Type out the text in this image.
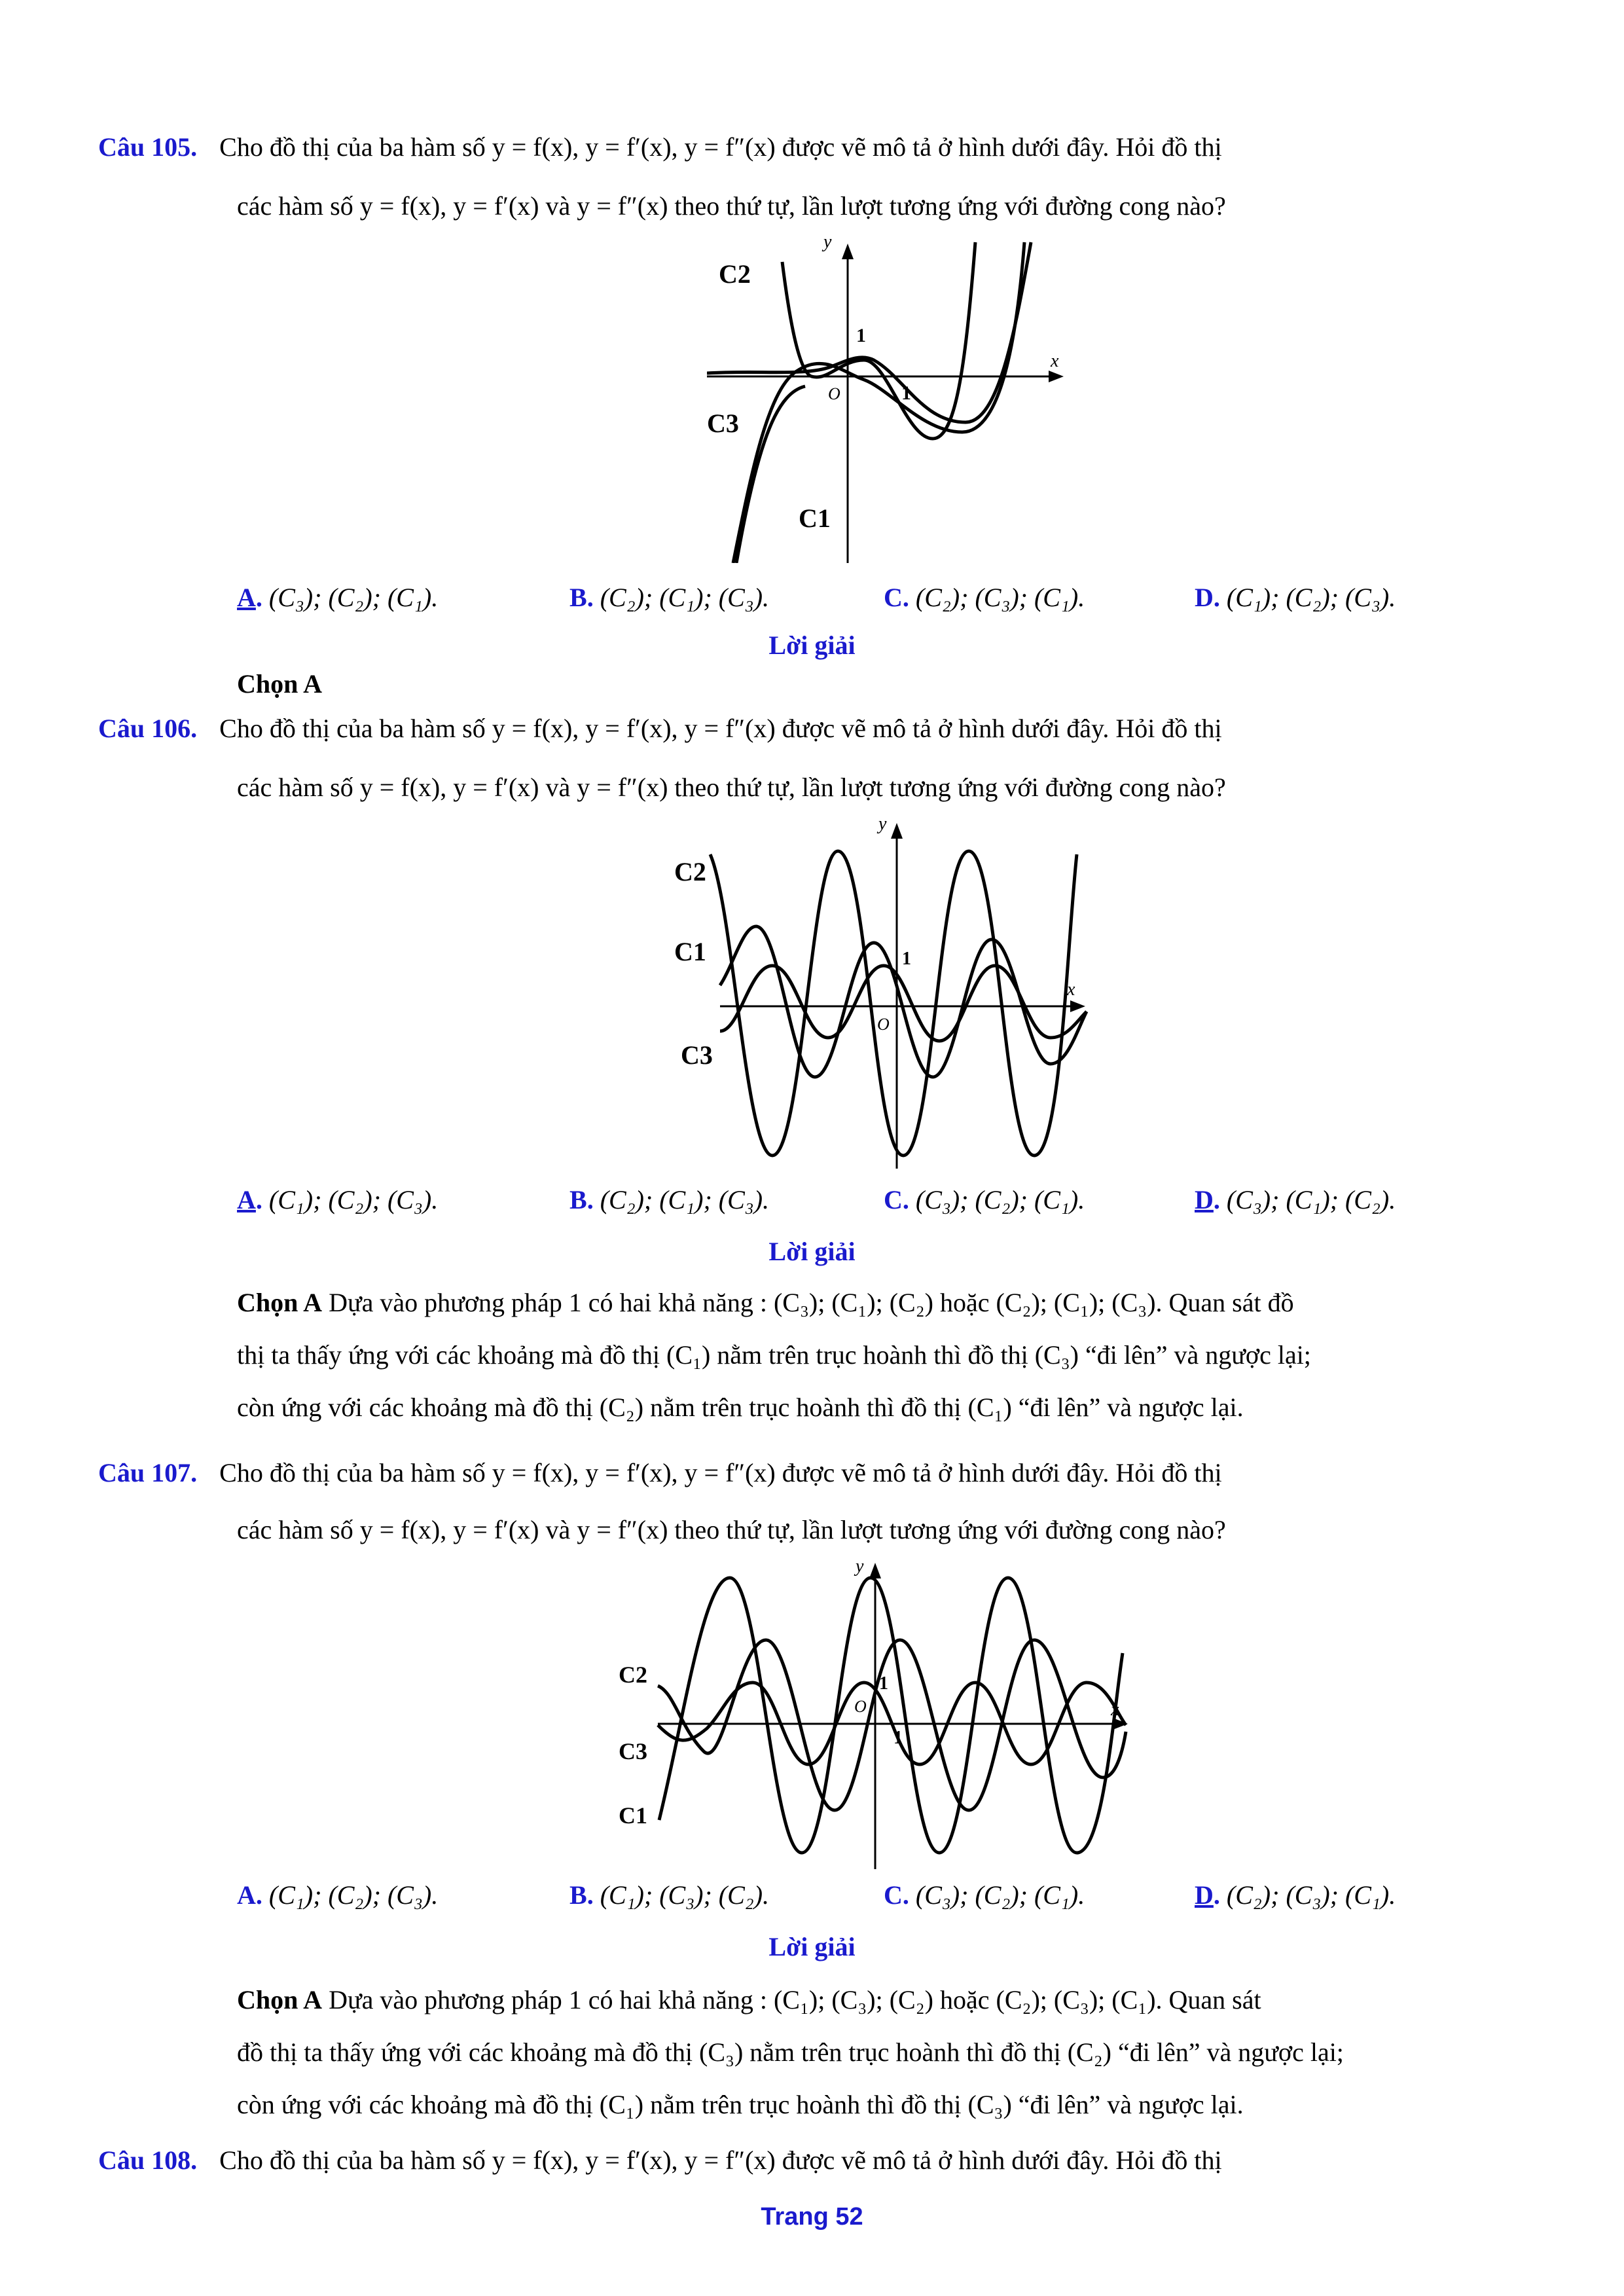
Câu 105. Cho đồ thị của ba hàm số y = f(x), y = f′(x), y = f″(x) được vẽ mô tả ở hình dưới đây. Hỏi đồ thị
các hàm số y = f(x), y = f′(x) và y = f″(x) theo thứ tự, lần lượt tương ứng với đường cong nào?
y
x
O
1
1
C2
C3
C1
A. (C₃); (C₂); (C₁).	B. (C₂); (C₁); (C₃).	C. (C₂); (C₃); (C₁).	D. (C₁); (C₂); (C₃).
Lời giải
Chọn A
Câu 106. Cho đồ thị của ba hàm số y = f(x), y = f′(x), y = f″(x) được vẽ mô tả ở hình dưới đây. Hỏi đồ thị
các hàm số y = f(x), y = f′(x) và y = f″(x) theo thứ tự, lần lượt tương ứng với đường cong nào?
y
x
O
1
C2
C1
C3
A. (C₁); (C₂); (C₃).	B. (C₂); (C₁); (C₃).	C. (C₃); (C₂); (C₁).	D. (C₃); (C₁); (C₂).
Lời giải
Chọn A Dựa vào phương pháp 1 có hai khả năng : (C₃); (C₁); (C₂) hoặc (C₂); (C₁); (C₃). Quan sát đồ
thị ta thấy ứng với các khoảng mà đồ thị (C₁) nằm trên trục hoành thì đồ thị (C₃) “đi lên” và ngược lại;
còn ứng với các khoảng mà đồ thị (C₂) nằm trên trục hoành thì đồ thị (C₁) “đi lên” và ngược lại.
Câu 107. Cho đồ thị của ba hàm số y = f(x), y = f′(x), y = f″(x) được vẽ mô tả ở hình dưới đây. Hỏi đồ thị
các hàm số y = f(x), y = f′(x) và y = f″(x) theo thứ tự, lần lượt tương ứng với đường cong nào?
y
x
O
1
1
C2
C3
C1
A. (C₁); (C₂); (C₃).	B. (C₁); (C₃); (C₂).	C. (C₃); (C₂); (C₁).	D. (C₂); (C₃); (C₁).
Lời giải
Chọn A Dựa vào phương pháp 1 có hai khả năng : (C₁); (C₃); (C₂) hoặc (C₂); (C₃); (C₁). Quan sát
đồ thị ta thấy ứng với các khoảng mà đồ thị (C₃) nằm trên trục hoành thì đồ thị (C₂) “đi lên” và ngược lại;
còn ứng với các khoảng mà đồ thị (C₁) nằm trên trục hoành thì đồ thị (C₃) “đi lên” và ngược lại.
Câu 108. Cho đồ thị của ba hàm số y = f(x), y = f′(x), y = f″(x) được vẽ mô tả ở hình dưới đây. Hỏi đồ thị
Trang 52
